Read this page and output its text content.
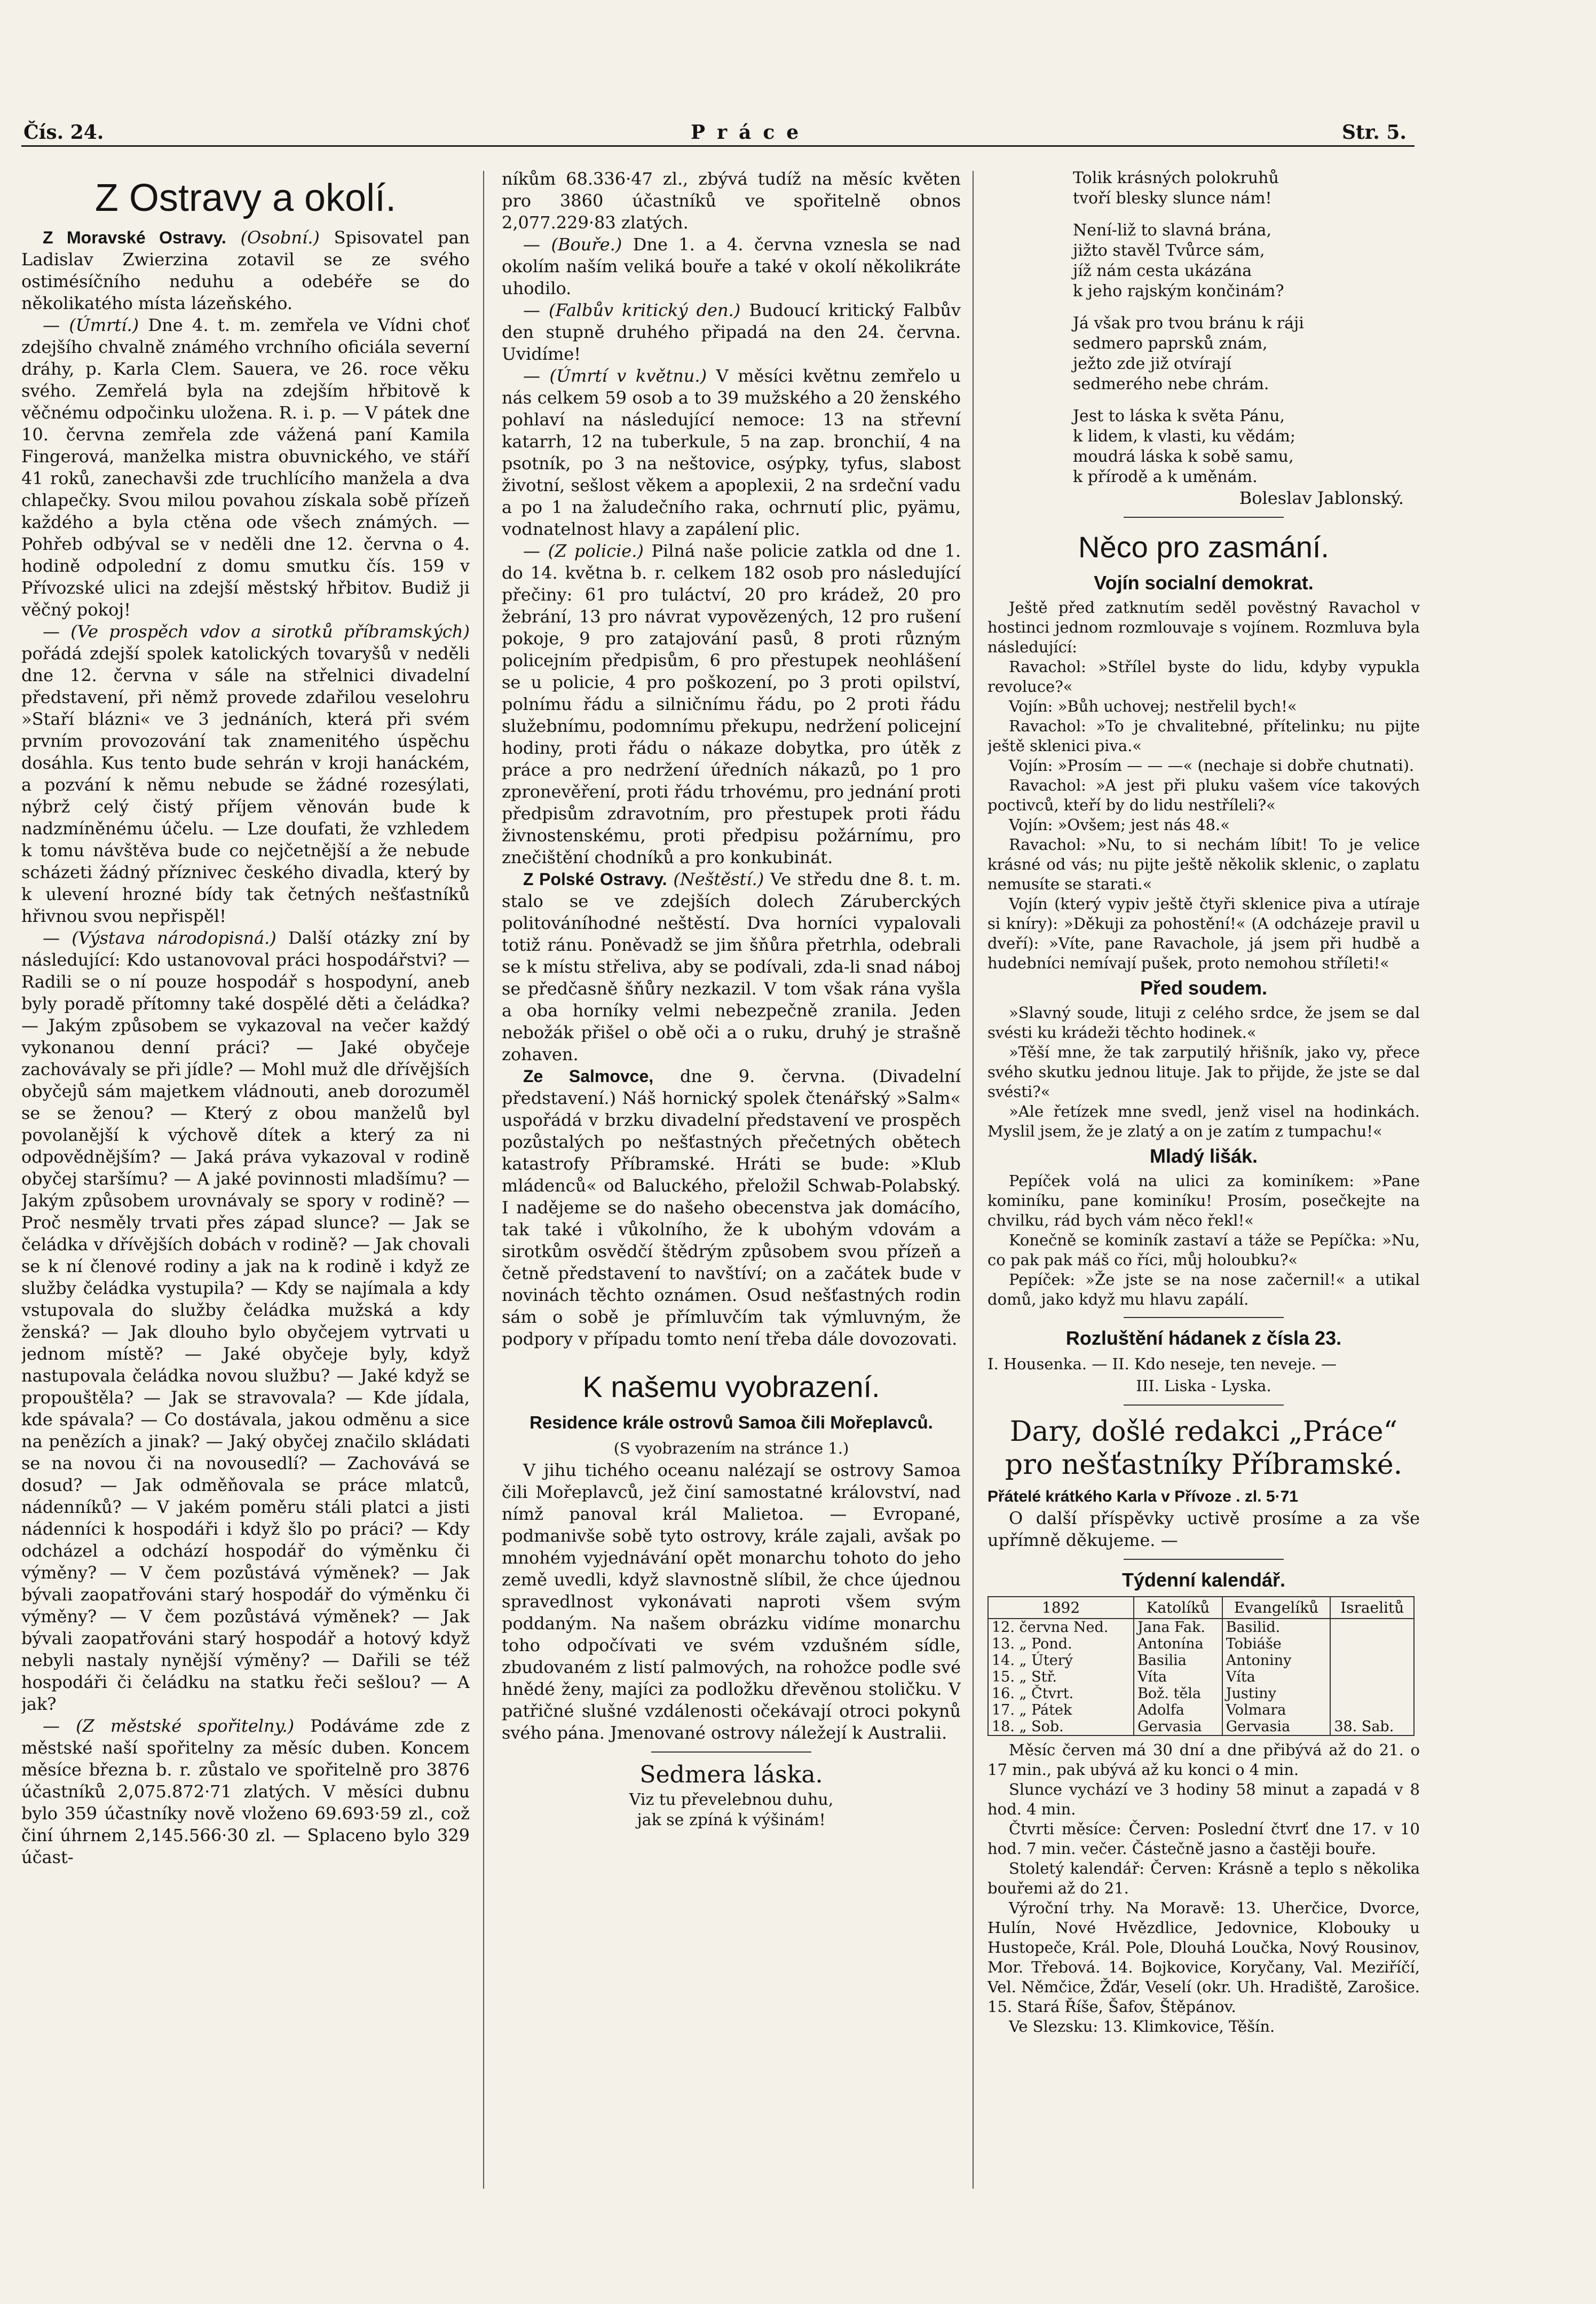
Čís. 24.	Práce	Str. 5.
Z Ostravy a okolí.

Z Moravské Ostravy. (Osobní.) Spisovatel pan Ladislav Zwierzina zotavil se ze svého ostimésíčního neduhu a odebéře se do několikatého místa lázeňského.

— (Úmrtí.) Dne 4. t. m. zemřela ve Vídni choť zdejšího chvalně známého vrchního oficiála severní dráhy, p. Karla Clem. Sauera, ve 26. roce věku svého. Zemřelá byla na zdejším hřbitově k věčnému odpočinku uložena. R. i. p. — V pátek dne 10. června zemřela zde vážená paní Kamila Fingerová, manželka mistra obuvnického, ve stáří 41 roků, zanechavši zde truchlícího manžela a dva chlapečky. Svou milou povahou získala sobě přízeň každého a byla ctěna ode všech známých. — Pohřeb odbýval se v neděli dne 12. června o 4. hodině odpolední z domu smutku čís. 159 v Přívozské ulici na zdejší městský hřbitov. Budiž ji věčný pokoj!

— (Ve prospěch vdov a sirotků příbramských) pořádá zdejší spolek katolických tovaryšů v neděli dne 12. června v sále na střelnici divadelní představení, při němž provede zdařilou veselohru »Staří blázni« ve 3 jednáních, která při svém prvním provozování tak znamenitého úspěchu dosáhla. Kus tento bude sehrán v kroji hanáckém, a pozvání k němu nebude se žádné rozesýlati, nýbrž celý čistý příjem věnován bude k nadzmíněnému účelu. — Lze doufati, že vzhledem k tomu návštěva bude co nejčetnější a že nebude scházeti žádný příznivec českého divadla, který by k ulevení hrozné bídy tak četných nešťastníků hřivnou svou nepřispěl!

— (Výstava národopisná.) Další otázky zní by následující: Kdo ustanovoval práci hospodářstvi? — Radili se o ní pouze hospodář s hospodyní, aneb byly poradě přítomny také dospělé děti a čeládka? — Jakým způsobem se vykazoval na večer každý vykonanou denní práci? — Jaké obyčeje zachovávaly se při jídle? — Mohl muž dle dřívějších obyčejů sám majetkem vládnouti, aneb dorozuměl se se ženou? — Který z obou manželů byl povolanější k výchově dítek a který za ni odpovědnějším? — Jaká práva vykazoval v rodině obyčej staršímu? — A jaké povinnosti mladšímu? — Jakým způsobem urovnávaly se spory v rodině? — Proč nesměly trvati přes západ slunce? — Jak se čeládka v dřívějších dobách v rodině? — Jak chovali se k ní členové rodiny a jak na k rodině i když ze služby čeládka vystupila? — Kdy se najímala a kdy vstupovala do služby čeládka mužská a kdy ženská? — Jak dlouho bylo obyčejem vytrvati u jednom místě? — Jaké obyčeje byly, když nastupovala čeládka novou službu? — Jaké když se propouštěla? — Jak se stravovala? — Kde jídala, kde spávala? — Co dostávala, jakou odměnu a sice na penězích a jinak? — Jaký obyčej značilo skládati se na novou či na novousedlí? — Zachovává se dosud? — Jak odměňovala se práce mlatců, nádenníků? — V jakém poměru stáli platci a jisti nádenníci k hospodáři i když šlo po práci? — Kdy odcházel a odchází hospodář do výměnku či výměny? — V čem pozůstává výměnek? — Jak bývali zaopatřováni starý hospodář do výměnku či výměny? — V čem pozůstává výměnek? — Jak bývali zaopatřováni starý hospodář a hotový když nebyli nastaly nynější výměny? — Dařili se též hospodáři či čeládku na statku řeči sešlou? — A jak?

— (Z městské spořitelny.) Podáváme zde z městské naší spořitelny za měsíc duben. Koncem měsíce března b. r. zůstalo ve spořitelně pro 3876 účastníků 2,075.872·71 zlatých. V měsíci dubnu bylo 359 účastníky nově vloženo 69.693·59 zl., což činí úhrnem 2,145.566·30 zl. — Splaceno bylo 329 účast-

níkům 68.336·47 zl., zbývá tudíž na měsíc květen pro 3860 účastníků ve spořitelně obnos 2,077.229·83 zlatých.

— (Bouře.) Dne 1. a 4. června vznesla se nad okolím naším veliká bouře a také v okolí několikráte uhodilo.

— (Falbův kritický den.) Budoucí kritický Falbův den stupně druhého připadá na den 24. června. Uvidíme!

— (Úmrtí v květnu.) V měsíci květnu zemřelo u nás celkem 59 osob a to 39 mužského a 20 ženského pohlaví na následující nemoce: 13 na střevní katarrh, 12 na tuberkule, 5 na zap. bronchií, 4 na psotník, po 3 na neštovice, osýpky, tyfus, slabost životní, sešlost věkem a apoplexii, 2 na srdeční vadu a po 1 na žaludečního raka, ochrnutí plic, pyämu, vodnatelnost hlavy a zapálení plic.

— (Z policie.) Pilná naše policie zatkla od dne 1. do 14. května b. r. celkem 182 osob pro následující přečiny: 61 pro tuláctví, 20 pro krádež, 20 pro žebrání, 13 pro návrat vypovězených, 12 pro rušení pokoje, 9 pro zatajování pasů, 8 proti různým policejním předpisům, 6 pro přestupek neohlášení se u policie, 4 pro poškození, po 3 proti opilství, polnímu řádu a silničnímu řádu, po 2 proti řádu služebnímu, podomnímu překupu, nedržení policejní hodiny, proti řádu o nákaze dobytka, pro útěk z práce a pro nedržení úředních nákazů, po 1 pro zpronevěření, proti řádu trhovému, pro jednání proti předpisům zdravotním, pro přestupek proti řádu živnostenskému, proti předpisu požárnímu, pro znečištění chodníků a pro konkubinát.

Z Polské Ostravy. (Neštěstí.) Ve středu dne 8. t. m. stalo se ve zdejších dolech Záruberckých politováníhodné neštěstí. Dva horníci vypalovali totiž ránu. Poněvadž se jim šňůra přetrhla, odebrali se k místu střeliva, aby se podívali, zda-li snad náboj se předčasně šňůry nezkazil. V tom však rána vyšla a oba horníky velmi nebezpečně zranila. Jeden nebožák přišel o obě oči a o ruku, druhý je strašně zohaven.

Ze Salmovce, dne 9. června. (Divadelní představení.) Náš hornický spolek čtenářský »Salm« uspořádá v brzku divadelní představení ve prospěch pozůstalých po nešťastných přečetných obětech katastrofy Příbramské. Hráti se bude: »Klub mládenců« od Baluckého, přeložil Schwab-Polabský. I nadějeme se do našeho obecenstva jak domácího, tak také i vůkolního, že k ubohým vdovám a sirotkům osvědčí štědrým způsobem svou přízeň a četně představení to navštíví; on a začátek bude v novinách těchto oznámen. Osud nešťastných rodin sám o sobě je přímluvčím tak výmluvným, že podpory v případu tomto není třeba dále dovozovati.

K našemu vyobrazení.
Residence krále ostrovů Samoa čili Mořeplavců.

(S vyobrazením na stránce 1.)

V jihu tichého oceanu nalézají se ostrovy Samoa čili Mořeplavců, jež činí samostatné království, nad nímž panoval král Malietoa. — Evropané, podmanivše sobě tyto ostrovy, krále zajali, avšak po mnohém vyjednávání opět monarchu tohoto do jeho země uvedli, když slavnostně slíbil, že chce újednou spravedlnost vykonávati naproti všem svým poddaným. Na našem obrázku vidíme monarchu toho odpočívati ve svém vzdušném sídle, zbudovaném z listí palmových, na rohožce podle své hnědé ženy, majíci za podložku dřevěnou stoličku. V patřičné slušné vzdálenosti očekávají otroci pokynů svého pána. Jmenované ostrovy náležejí k Australii.

Sedmera láska.

Viz tu převelebnou duhu,

jak se zpíná k výšinám!

Tolik krásných polokruhů

tvoří blesky slunce nám!

Není-liž to slavná brána,

jižto stavěl Tvůrce sám,

jíž nám cesta ukázána

k jeho rajským končinám?

Já však pro tvou bránu k ráji

sedmero paprsků znám,

ježto zde již otvírají

sedmerého nebe chrám.

Jest to láska k světa Pánu,

k lidem, k vlasti, ku vědám;

moudrá láska k sobě samu,

k přírodě a k uměnám.

Boleslav Jablonský.

Něco pro zasmání.
Vojín socialní demokrat.

Ještě před zatknutím seděl pověstný Ravachol v hostinci jednom rozmlouvaje s vojínem. Rozmluva byla následující:

Ravachol: »Střílel byste do lidu, kdyby vypukla revoluce?«

Vojín: »Bůh uchovej; nestřelil bych!«

Ravachol: »To je chvalitebné, přítelinku; nu pijte ještě sklenici piva.«

Vojín: »Prosím — — —« (nechaje si dobře chutnati).

Ravachol: »A jest při pluku vašem více takových poctivců, kteří by do lidu nestříleli?«

Vojín: »Ovšem; jest nás 48.«

Ravachol: »Nu, to si nechám líbit! To je velice krásné od vás; nu pijte ještě několik sklenic, o zaplatu nemusíte se starati.«

Vojín (který vypiv ještě čtyři sklenice piva a utíraje si kníry): »Děkuji za pohostění!« (A odcházeje pravil u dveří): »Víte, pane Ravachole, já jsem při hudbě a hudebníci nemívají pušek, proto nemohou stříleti!«

Před soudem.

»Slavný soude, lituji z celého srdce, že jsem se dal svésti ku krádeži těchto hodinek.«

»Těší mne, že tak zarputilý hřišník, jako vy, přece svého skutku jednou lituje. Jak to přijde, že jste se dal svésti?«

»Ale řetízek mne svedl, jenž visel na hodinkách. Myslil jsem, že je zlatý a on je zatím z tumpachu!«

Mladý lišák.

Pepíček volá na ulici za kominíkem: »Pane kominíku, pane kominíku! Prosím, posečkejte na chvilku, rád bych vám něco řekl!«

Konečně se kominík zastaví a táže se Pepíčka: »Nu, co pak pak máš co říci, můj holoubku?«

Pepíček: »Že jste se na nose začernil!« a utikal domů, jako když mu hlavu zapálí.

Rozluštění hádanek z čísla 23.

I. Housenka. — II. Kdo neseje, ten neveje. —

III. Liska - Lyska.

Dary, došlé redakci „Práce“ pro nešťastníky Příbramské.

Přátelé krátkého Karla v Přívoze . zl. 5·71

O další příspěvky uctivě prosíme a za vše upřímně děkujeme. —

Týdenní kalendář.
1892	Katolíků	Evangelíků	Israelitů
12. června Ned.	Jana Fak.	Basilid.	
13. „ Pond.	Antonína	Tobiáše	
14. „ Úterý	Basilia	Antoniny	
15. „ Stř.	Víta	Víta	
16. „ Čtvrt.	Bož. těla	Justiny	
17. „ Pátek	Adolfa	Volmara	
18. „ Sob.	Gervasia	Gervasia	38. Sab.

Měsíc červen má 30 dní a dne přibývá až do 21. o 17 min., pak ubývá až ku konci o 4 min.

Slunce vychází ve 3 hodiny 58 minut a zapadá v 8 hod. 4 min.

Čtvrti měsíce: Červen: Poslední čtvrť dne 17. v 10 hod. 7 min. večer. Částečně jasno a častěji bouře.

Stoletý kalendář: Červen: Krásně a teplo s několika bouřemi až do 21.

Výroční trhy. Na Moravě: 13. Uherčice, Dvorce, Hulín, Nové Hvězdlice, Jedovnice, Klobouky u Hustopeče, Král. Pole, Dlouhá Loučka, Nový Rousinov, Mor. Třebová. 14. Bojkovice, Koryčany, Val. Meziříčí, Vel. Němčice, Žďár, Veselí (okr. Uh. Hradiště, Zarošice. 15. Stará Říše, Šafov, Štěpánov.

Ve Slezsku: 13. Klimkovice, Těšín.
